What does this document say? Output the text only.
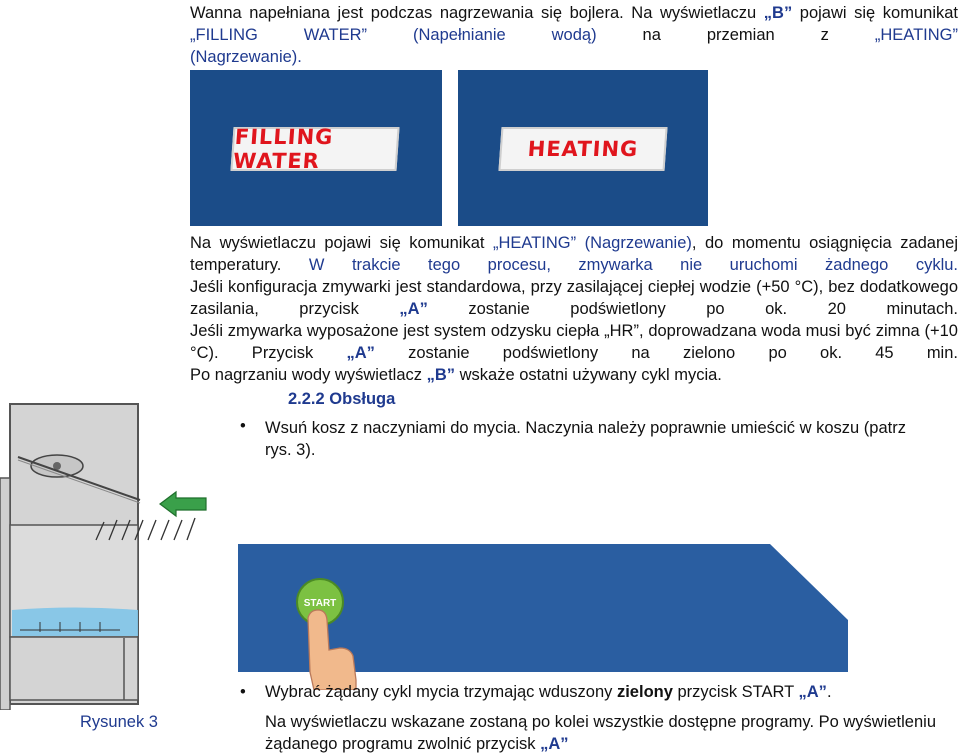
Wanna napełniana jest podczas nagrzewania się bojlera. Na wyświetlaczu „B” pojawi się komunikat „FILLING WATER”	(Napełnianie wodą) na przemian z „HEATING”
(Nagrzewanie).

FILLING WATER	HEATING
Na wyświetlaczu pojawi się komunikat „HEATING” (Nagrzewanie), do momentu osiągnięcia zadanej temperatury. W trakcie tego procesu, zmywarka nie uruchomi żadnego cyklu.
Jeśli konfiguracja zmywarki jest standardowa, przy zasilającej ciepłej wodzie (+50 °C), bez dodatkowego zasilania, przycisk „A” zostanie podświetlony po ok. 20 minutach.
Jeśli zmywarka wyposażone jest system odzysku ciepła „HR”, doprowadzana woda musi być zimna (+10 °C). Przycisk „A” zostanie podświetlony na zielono po ok. 45 min.
Po nagrzaniu wody wyświetlacz „B” wskaże ostatni używany cykl mycia.
2.2.2 Obsługa
• Wsuń kosz z naczyniami do mycia. Naczynia należy poprawnie umieścić w koszu (patrz rys. 3).
START
Rysunek 3
• Wybrać żądany cykl mycia trzymając wduszony zielony przycisk START „A”.
Na wyświetlaczu wskazane zostaną po kolei wszystkie dostępne programy. Po wyświetleniu żądanego programu zwolnić przycisk „A”
